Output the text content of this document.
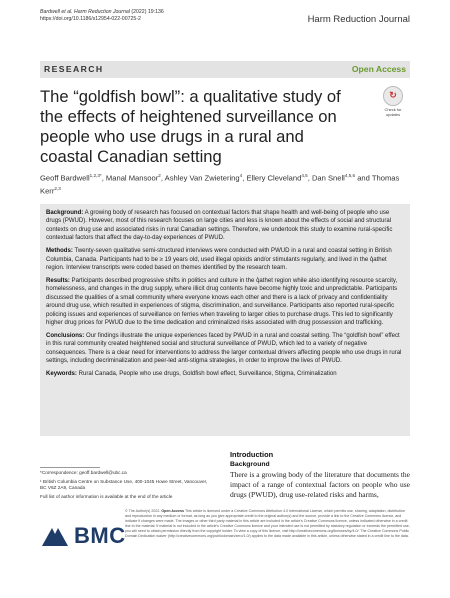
Bardwell et al. Harm Reduction Journal (2022) 19:136
https://doi.org/10.1186/s12954-022-00725-2	Harm Reduction Journal
RESEARCH	Open Access
The “goldfish bowl”: a qualitative study of the effects of heightened surveillance on people who use drugs in a rural and coastal Canadian setting
↻
Check for
updates
Geoff Bardwell$^{1,2,3*}$, Manal Mansoor$^2$, Ashley Van Zwietering$^4$, Ellery Cleveland$^{4,5}$, Dan Snell$^{4,5,6}$ and Thomas Kerr$^{2,3}$

Background: A growing body of research has focused on contextual factors that shape health and well-being of people who use drugs (PWUD). However, most of this research focuses on large cities and less is known about the effects of social and structural contexts on drug use and associated risks in rural Canadian settings. Therefore, we undertook this study to examine rural-specific contextual factors that affect the day-to-day experiences of PWUD.

Methods: Twenty-seven qualitative semi-structured interviews were conducted with PWUD in a rural and coastal setting in British Columbia, Canada. Participants had to be ≥ 19 years old, used illegal opioids and/or stimulants regularly, and lived in the q̓athet region. Interview transcripts were coded based on themes identified by the research team.

Results: Participants described progressive shifts in politics and culture in the q̓athet region while also identifying resource scarcity, homelessness, and changes in the drug supply, where illicit drug contents have become highly toxic and unpredictable. Participants discussed the qualities of a small community where everyone knows each other and there is a lack of privacy and confidentiality around drug use, which resulted in experiences of stigma, discrimination, and surveillance. Participants also reported rural-specific policing issues and experiences of surveillance on ferries when traveling to larger cities to purchase drugs. This led to significantly higher drug prices for PWUD due to the time dedication and criminalized risks associated with drug possession and trafficking.

Conclusions: Our findings illustrate the unique experiences faced by PWUD in a rural and coastal setting. The “goldfish bowl” effect in this rural community created heightened social and structural surveillance of PWUD, which led to a variety of negative consequences. There is a clear need for interventions to address the larger contextual drivers affecting people who use drugs in rural settings, including decriminalization and peer-led anti-stigma strategies, in order to improve the lives of PWUD.

Keywords: Rural Canada, People who use drugs, Goldfish bowl effect, Surveillance, Stigma, Criminalization

*Correspondence: geoff.bardwell@ubc.ca

¹ British Columbia Centre on Substance Use, 400-1045 Howe Street, Vancouver, BC V6Z 2A9, Canada

Full list of author information is available at the end of the article

Introduction
Background
There is a growing body of the literature that documents the impact of a range of contextual factors on people who use drugs (PWUD), drug use-related risks and harms,
BMC
© The Author(s) 2022. Open Access This article is licensed under a Creative Commons Attribution 4.0 International License, which permits use, sharing, adaptation, distribution and reproduction in any medium or format, as long as you give appropriate credit to the original author(s) and the source, provide a link to the Creative Commons licence, and indicate if changes were made. The images or other third party material in this article are included in the article's Creative Commons licence, unless indicated otherwise in a credit line to the material. If material is not included in the article's Creative Commons licence and your intended use is not permitted by statutory regulation or exceeds the permitted use, you will need to obtain permission directly from the copyright holder. To view a copy of this licence, visit http://creativecommons.org/licenses/by/4.0/. The Creative Commons Public Domain Dedication waiver (http://creativecommons.org/publicdomain/zero/1.0/) applies to the data made available in this article, unless otherwise stated in a credit line to the data.
